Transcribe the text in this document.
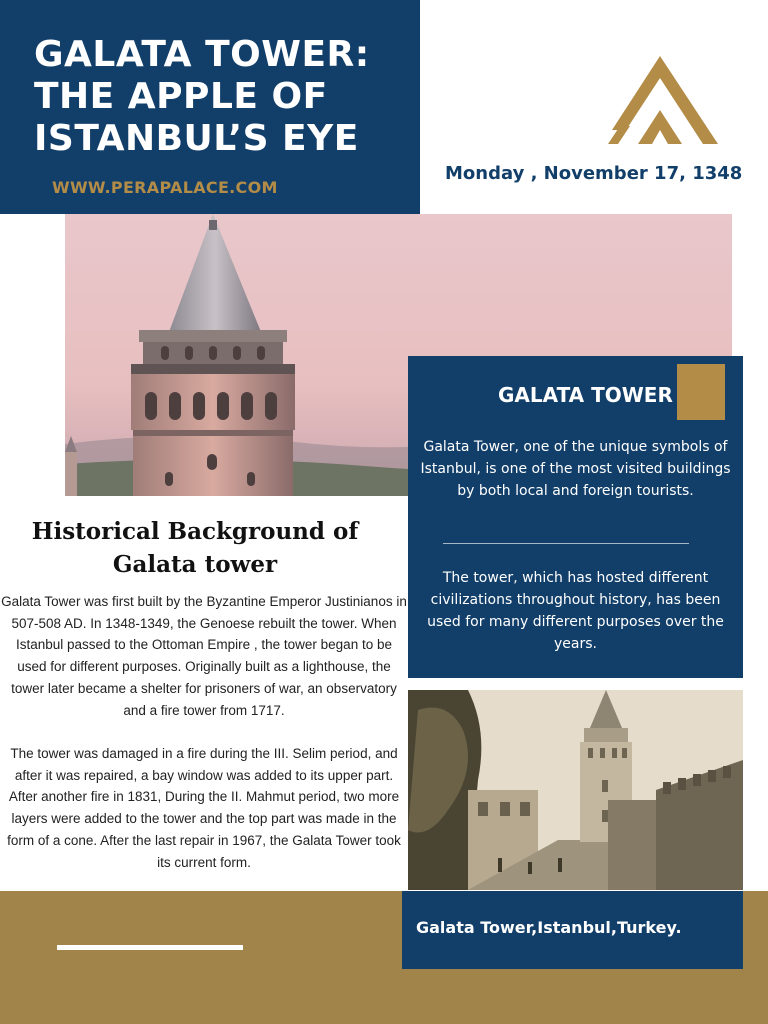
GALATA TOWER:
THE APPLE OF
ISTANBUL’S EYE
WWW.PERAPALACE.COM
Monday , November 17, 1348
GALATA TOWER

Galata Tower, one of the unique symbols of Istanbul, is one of the most visited buildings by both local and foreign tourists.

The tower, which has hosted different civilizations throughout history, has been used for many different purposes over the years.

Historical Background of
Galata tower

Galata Tower was first built by the Byzantine Emperor Justinianos in 507-508 AD. In 1348-1349, the Genoese rebuilt the tower. When Istanbul passed to the Ottoman Empire , the tower began to be used for different purposes. Originally built as a lighthouse, the tower later became a shelter for prisoners of war, an observatory and a fire tower from 1717.

The tower was damaged in a fire during the III. Selim period, and after it was repaired, a bay window was added to its upper part. After another fire in 1831, During the II. Mahmut period, two more layers were added to the tower and the top part was made in the form of a cone. After the last repair in 1967, the Galata Tower took its current form.

Galata Tower,Istanbul,Turkey.
